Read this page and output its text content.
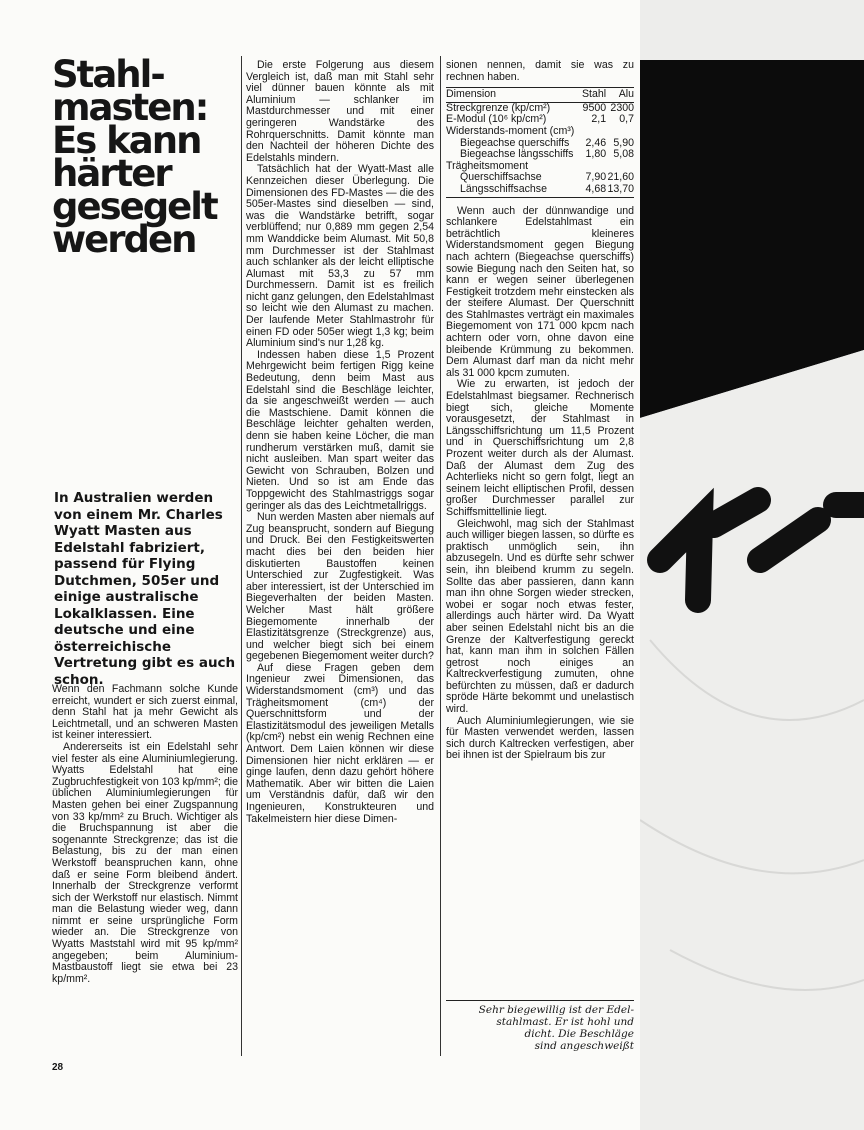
Stahl-
masten:
Es kann
härter
gesegelt
werden

In Australien werden von einem Mr. Charles Wyatt Masten aus Edelstahl fabriziert, passend für Flying Dutchmen, 505er und einige australische Lokalklassen. Eine deutsche und eine österreichische Vertretung gibt es auch schon.

Wenn den Fachmann solche Kunde erreicht, wundert er sich zuerst einmal, denn Stahl hat ja mehr Gewicht als Leichtmetall, und an schweren Masten ist keiner interessiert.

Andererseits ist ein Edelstahl sehr viel fester als eine Aluminiumlegierung. Wyatts Edelstahl hat eine Zugbruchfestigkeit von 103 kp/mm²; die üblichen Aluminiumlegierungen für Masten gehen bei einer Zugspannung von 33 kp/mm² zu Bruch. Wichtiger als die Bruchspannung ist aber die sogenannte Streckgrenze; das ist die Belastung, bis zu der man einen Werkstoff beanspruchen kann, ohne daß er seine Form bleibend ändert. Innerhalb der Streckgrenze verformt sich der Werkstoff nur elastisch. Nimmt man die Belastung wieder weg, dann nimmt er seine ursprüngliche Form wieder an. Die Streckgrenze von Wyatts Maststahl wird mit 95 kp/mm² angegeben; beim Aluminium-Mastbaustoff liegt sie etwa bei 23 kp/mm².

Die erste Folgerung aus diesem Vergleich ist, daß man mit Stahl sehr viel dünner bauen könnte als mit Aluminium — schlanker im Mastdurchmesser und mit einer geringeren Wandstärke des Rohrquerschnitts. Damit könnte man den Nachteil der höheren Dichte des Edelstahls mindern.

Tatsächlich hat der Wyatt-Mast alle Kennzeichen dieser Überlegung. Die Dimensionen des FD-Mastes — die des 505er-Mastes sind dieselben — sind, was die Wandstärke betrifft, sogar verblüffend; nur 0,889 mm gegen 2,54 mm Wanddicke beim Alumast. Mit 50,8 mm Durchmesser ist der Stahlmast auch schlanker als der leicht elliptische Alumast mit 53,3 zu 57 mm Durchmessern. Damit ist es freilich nicht ganz gelungen, den Edelstahlmast so leicht wie den Alumast zu machen. Der laufende Meter Stahlmastrohr für einen FD oder 505er wiegt 1,3 kg; beim Aluminium sind's nur 1,28 kg.

Indessen haben diese 1,5 Prozent Mehrgewicht beim fertigen Rigg keine Bedeutung, denn beim Mast aus Edelstahl sind die Beschläge leichter, da sie angeschweißt werden — auch die Mastschiene. Damit können die Beschläge leichter gehalten werden, denn sie haben keine Löcher, die man rundherum verstärken muß, damit sie nicht ausleiben. Man spart weiter das Gewicht von Schrauben, Bolzen und Nieten. Und so ist am Ende das Toppgewicht des Stahlmastriggs sogar geringer als das des Leichtmetallriggs.

Nun werden Masten aber niemals auf Zug beansprucht, sondern auf Biegung und Druck. Bei den Festigkeitswerten macht dies bei den beiden hier diskutierten Baustoffen keinen Unterschied zur Zugfestigkeit. Was aber interessiert, ist der Unterschied im Biegeverhalten der beiden Masten. Welcher Mast hält größere Biegemomente innerhalb der Elastizitätsgrenze (Streckgrenze) aus, und welcher biegt sich bei einem gegebenen Biegemoment weiter durch?

Auf diese Fragen geben dem Ingenieur zwei Dimensionen, das Widerstandsmoment (cm³) und das Trägheitsmoment (cm⁴) der Querschnittsform und der Elastizitätsmodul des jeweiligen Metalls (kp/cm²) nebst ein wenig Rechnen eine Antwort. Dem Laien können wir diese Dimensionen hier nicht erklären — er ginge laufen, denn dazu gehört höhere Mathematik. Aber wir bitten die Laien um Verständnis dafür, daß wir den Ingenieuren, Konstrukteuren und Takelmeistern hier diese Dimen-

sionen nennen, damit sie was zu rechnen haben.

Dimension	Stahl	Alu
Streckgrenze (kp/cm²)	9500	2300
E-Modul (10⁶ kp/cm²)	2,1	0,7
Widerstands-moment (cm³)		
Biegeachse querschiffs	2,46	5,90
Biegeachse längsschiffs	1,80	5,08
Trägheitsmoment		
Querschiffsachse	7,90	21,60
Längsschiffsachse	4,68	13,70

Wenn auch der dünnwandige und schlankere Edelstahlmast ein beträchtlich kleineres Widerstandsmoment gegen Biegung nach achtern (Biegeachse querschiffs) sowie Biegung nach den Seiten hat, so kann er wegen seiner überlegenen Festigkeit trotzdem mehr einstecken als der steifere Alumast. Der Querschnitt des Stahlmastes verträgt ein maximales Biegemoment von 171 000 kpcm nach achtern oder vorn, ohne davon eine bleibende Krümmung zu bekommen. Dem Alumast darf man da nicht mehr als 31 000 kpcm zumuten.

Wie zu erwarten, ist jedoch der Edelstahlmast biegsamer. Rechnerisch biegt sich, gleiche Momente vorausgesetzt, der Stahlmast in Längsschiffsrichtung um 11,5 Prozent und in Querschiffsrichtung um 2,8 Prozent weiter durch als der Alumast. Daß der Alumast dem Zug des Achterlieks nicht so gern folgt, liegt an seinem leicht elliptischen Profil, dessen großer Durchmesser parallel zur Schiffsmittellinie liegt.

Gleichwohl, mag sich der Stahlmast auch williger biegen lassen, so dürfte es praktisch unmöglich sein, ihn abzusegeln. Und es dürfte sehr schwer sein, ihn bleibend krumm zu segeln. Sollte das aber passieren, dann kann man ihn ohne Sorgen wieder strecken, wobei er sogar noch etwas fester, allerdings auch härter wird. Da Wyatt aber seinen Edelstahl nicht bis an die Grenze der Kaltverfestigung gereckt hat, kann man ihm in solchen Fällen getrost noch einiges an Kaltreckverfestigung zumuten, ohne befürchten zu müssen, daß er dadurch spröde Härte bekommt und unelastisch wird.

Auch Aluminiumlegierungen, wie sie für Masten verwendet werden, lassen sich durch Kaltrecken verfestigen, aber bei ihnen ist der Spielraum bis zur

Sehr biegewillig ist der Edel-
stahlmast. Er ist hohl und
dicht. Die Beschläge
sind angeschweißt
28
